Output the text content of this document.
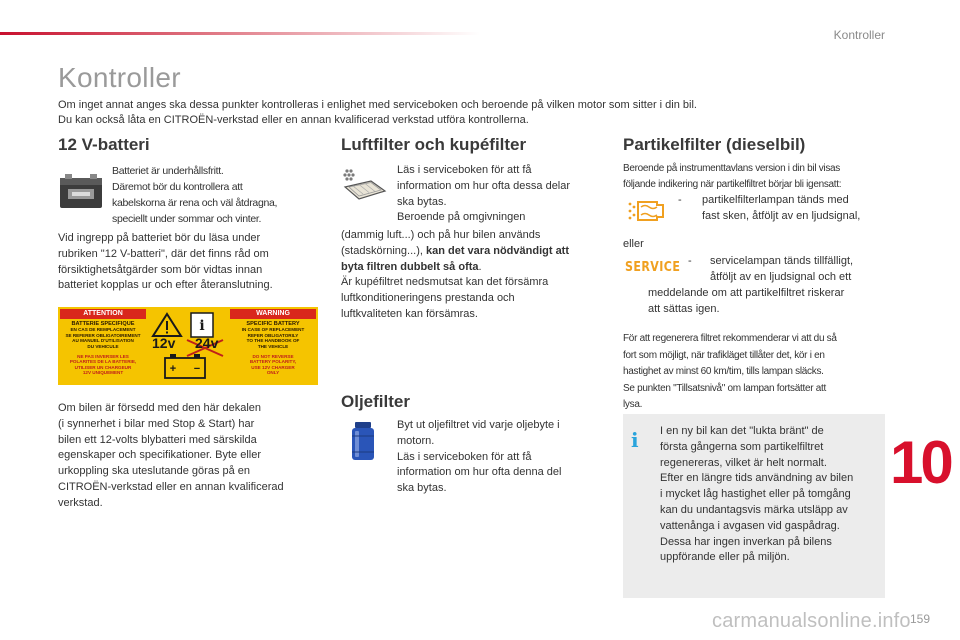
Kontroller
Kontroller
Om inget annat anges ska dessa punkter kontrolleras i enlighet med serviceboken och beroende på vilken motor som sitter i din bil.
Du kan också låta en CITROËN-verkstad eller en annan kvalificerad verkstad utföra kontrollerna.
12 V-batteri
Batteriet är underhållsfritt.
Däremot bör du kontrollera att
kabelskorna är rena och väl åtdragna,
speciellt under sommar och vinter.
Vid ingrepp på batteriet bör du läsa under
rubriken "12 V-batteri", där det finns råd om
försiktighetsåtgärder som bör vidtas innan
batteriet kopplas ur och efter återanslutning.
ATTENTION	WARNING
BATTERIE SPECIFIQUE
EN CAS DE REMPLACEMENT
SE REFERER OBLIGATOIREMENT
AU MANUEL D'UTILISATION
DU VEHICULE
NE PAS INVERSER LES
POLARITES DE LA BATTERIE,
UTILISER UN CHARGEUR
12V UNIQUEMENT
SPECIFIC BATTERY
IN CASE OF REPLACEMENT
REFER OBLIGATORILY
TO THE HANDBOOK OF
THE VEHICLE
DO NOT REVERSE
BATTERY POLARITY,
USE 12V CHARGER
ONLY
i
+ −
12v 24v
Om bilen är försedd med den här dekalen
(i synnerhet i bilar med Stop & Start) har
bilen ett 12-volts blybatteri med särskilda
egenskaper och specifikationer. Byte eller
urkoppling ska uteslutande göras på en
CITROËN-verkstad eller en annan kvalificerad
verkstad.
Luftfilter och kupéfilter
Läs i serviceboken för att få
information om hur ofta dessa delar
ska bytas.
Beroende på omgivningen
(dammig luft...) och på hur bilen används
(stadskörning...), kan det vara nödvändigt att
byta filtren dubbelt så ofta.
Är kupéfiltret nedsmutsat kan det försämra
luftkonditioneringens prestanda och
luftkvaliteten kan försämras.
Oljefilter
Byt ut oljefiltret vid varje oljebyte i
motorn.
Läs i serviceboken för att få
information om hur ofta denna del
ska bytas.
Partikelfilter (dieselbil)
Beroende på instrumenttavlans version i din bil visas
följande indikering när partikelfiltret börjar bli igensatt:
- partikelfilterlampan tänds med
fast sken, åtföljt av en ljudsignal,
eller
SERVICE - servicelampan tänds tillfälligt,
åtföljt av en ljudsignal och ett
meddelande om att partikelfiltret riskerar
att sättas igen.
För att regenerera filtret rekommenderar vi att du så
fort som möjligt, när trafikläget tillåter det, kör i en
hastighet av minst 60 km/tim, tills lampan släcks.
Se punkten "Tillsatsnivå" om lampan fortsätter att
lysa.
i I en ny bil kan det "lukta bränt" de
första gångerna som partikelfiltret
regenereras, vilket är helt normalt.
Efter en längre tids användning av bilen
i mycket låg hastighet eller på tomgång
kan du undantagsvis märka utsläpp av
vattenånga i avgasen vid gaspådrag.
Dessa har ingen inverkan på bilens
uppförande eller på miljön.
10
carmanualsonline.info 159
